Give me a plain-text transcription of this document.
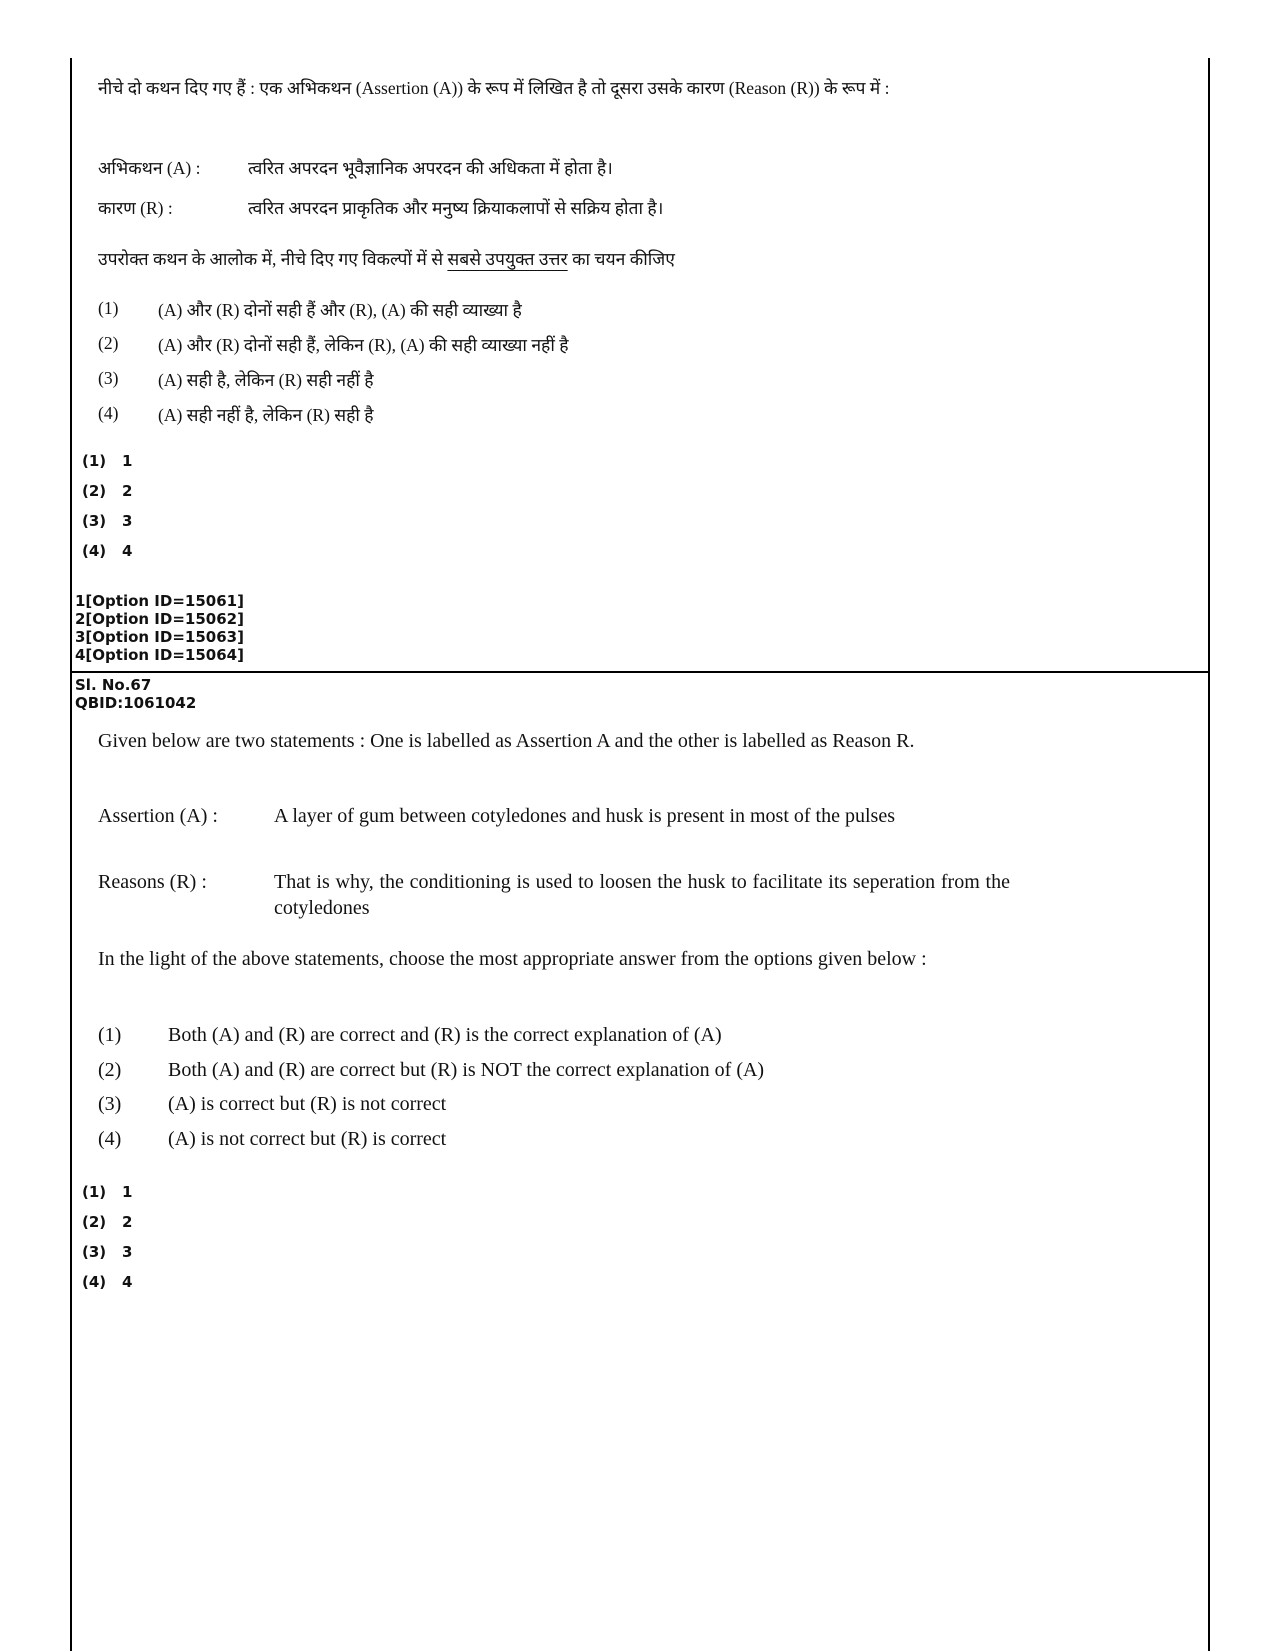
नीचे दो कथन दिए गए हैं : एक अभिकथन (Assertion (A)) के रूप में लिखित है तो दूसरा उसके कारण (Reason (R)) के रूप में :
अभिकथन (A) :	त्वरित अपरदन भूवैज्ञानिक अपरदन की अधिकता में होता है।
कारण (R) :	त्वरित अपरदन प्राकृतिक और मनुष्य क्रियाकलापों से सक्रिय होता है।
उपरोक्त कथन के आलोक में, नीचे दिए गए विकल्पों में से सबसे उपयुक्त उत्तर का चयन कीजिए
(1)	(A) और (R) दोनों सही हैं और (R), (A) की सही व्याख्या है
(2)	(A) और (R) दोनों सही हैं, लेकिन (R), (A) की सही व्याख्या नहीं है
(3)	(A) सही है, लेकिन (R) सही नहीं है
(4)	(A) सही नहीं है, लेकिन (R) सही है
(1) 1
(2) 2
(3) 3
(4) 4
1[Option ID=15061]
2[Option ID=15062]
3[Option ID=15063]
4[Option ID=15064]
Sl. No.67
QBID:1061042
Given below are two statements : One is labelled as Assertion A and the other is labelled as Reason R.
Assertion (A) :	A layer of gum between cotyledones and husk is present in most of the pulses
Reasons (R) :	That is why, the conditioning is used to loosen the husk to facilitate its seperation from the cotyledones
In the light of the above statements, choose the most appropriate answer from the options given below :
(1) Both (A) and (R) are correct and (R) is the correct explanation of (A)
(2) Both (A) and (R) are correct but (R) is NOT the correct explanation of (A)
(3) (A) is correct but (R) is not correct
(4) (A) is not correct but (R) is correct
(1) 1
(2) 2
(3) 3
(4) 4
